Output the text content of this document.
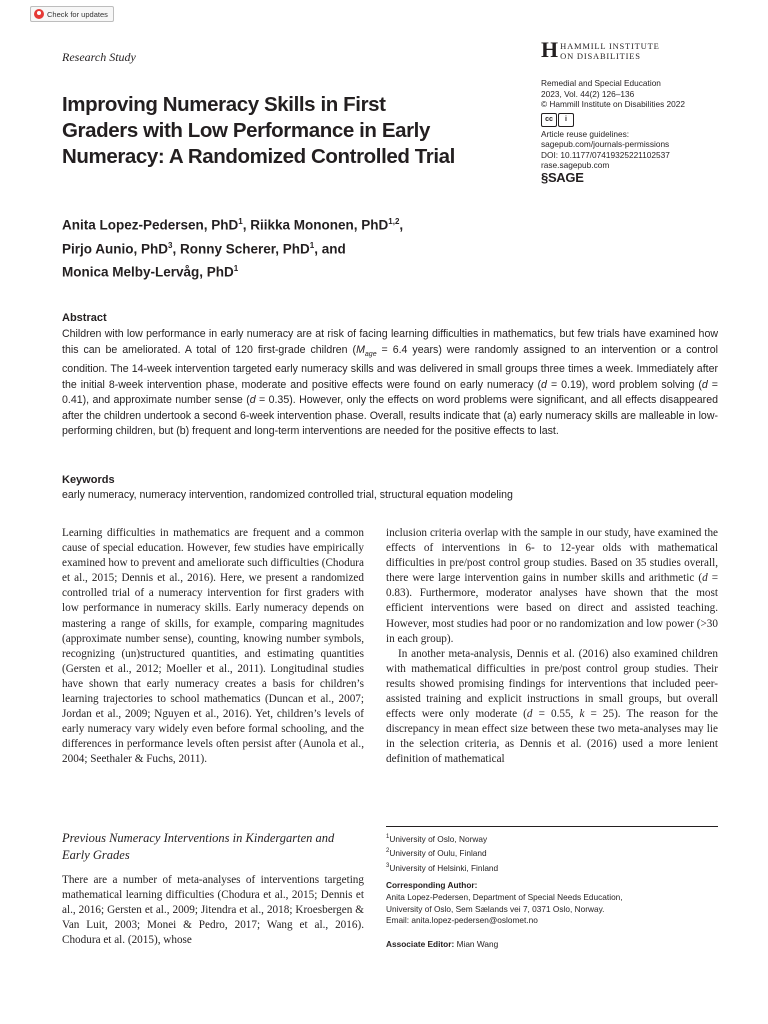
Check for updates
Research Study	H HAMMILL INSTITUTE
ON DISABILITIES
Remedial and Special Education
2023, Vol. 44(2) 126–136
© Hammill Institute on Disabilities 2022
cc	i
Article reuse guidelines:
sagepub.com/journals-permissions
DOI: 10.1177/07419325221102537
rase.sagepub.com
§SAGE
Improving Numeracy Skills in First
Graders with Low Performance in Early
Numeracy: A Randomized Controlled Trial
Anita Lopez-Pedersen, PhD$^1$, Riikka Mononen, PhD$^{1,2}$,
Pirjo Aunio, PhD$^3$, Ronny Scherer, PhD$^1$, and
Monica Melby-Lervåg, PhD$^1$
Abstract
Children with low performance in early numeracy are at risk of facing learning difficulties in mathematics, but few trials have examined how this can be ameliorated. A total of 120 first-grade children ($M_{age} = 6.4$ years) were randomly assigned to an intervention or a control condition. The 14-week intervention targeted early numeracy skills and was delivered in small groups three times a week. Immediately after the initial 8-week intervention phase, moderate and positive effects were found on early numeracy (d = 0.19), word problem solving (d = 0.41), and approximate number sense (d = 0.35). However, only the effects on word problems were significant, and all effects disappeared after the children undertook a second 6-week intervention phase. Overall, results indicate that (a) early numeracy skills are malleable in low-performing children, but (b) frequent and long-term interventions are needed for the positive effects to last.
Keywords
early numeracy, numeracy intervention, randomized controlled trial, structural equation modeling

Learning difficulties in mathematics are frequent and a common cause of special education. However, few studies have empirically examined how to prevent and ameliorate such difficulties (Chodura et al., 2015; Dennis et al., 2016). Here, we present a randomized controlled trial of a numeracy intervention for first graders with low performance in numeracy skills. Early numeracy depends on mastering a range of skills, for example, comparing magnitudes (approximate number sense), counting, knowing number symbols, recognizing (un)structured quantities, and estimating quantities (Gersten et al., 2012; Moeller et al., 2011). Longitudinal studies have shown that early numeracy creates a basis for children’s learning trajectories to school mathematics (Duncan et al., 2007; Jordan et al., 2009; Nguyen et al., 2016). Yet, children’s levels of early numeracy vary widely even before formal schooling, and the differences in performance levels often persist after (Aunola et al., 2004; Seethaler & Fuchs, 2011).

Previous Numeracy Interventions in Kindergarten and Early Grades

There are a number of meta-analyses of interventions targeting mathematical learning difficulties (Chodura et al., 2015; Dennis et al., 2016; Gersten et al., 2009; Jitendra et al., 2018; Kroesbergen & Van Luit, 2003; Monei & Pedro, 2017; Wang et al., 2016). Chodura et al. (2015), whose

inclusion criteria overlap with the sample in our study, have examined the effects of interventions in 6- to 12-year olds with mathematical difficulties in pre/post control group studies. Based on 35 studies overall, there were large intervention gains in number skills and arithmetic (d = 0.83). Furthermore, moderator analyses have shown that the most efficient interventions were based on direct and assisted teaching. However, most studies had poor or no randomization and low power (>30 in each group).

In another meta-analysis, Dennis et al. (2016) also examined children with mathematical difficulties in pre/post control group studies. Their results showed promising findings for interventions that included peer-assisted training and explicit instructions in small groups, but overall effects were only moderate (d = 0.55, k = 25). The reason for the discrepancy in mean effect size between these two meta-analyses may lie in the selection criteria, as Dennis et al. (2016) used a more lenient definition of mathematical

$^1$University of Oslo, Norway
$^2$University of Oulu, Finland
$^3$University of Helsinki, Finland
Corresponding Author:
Anita Lopez-Pedersen, Department of Special Needs Education,
University of Oslo, Sem Sælands vei 7, 0371 Oslo, Norway.
Email: anita.lopez-pedersen@oslomet.no
Associate Editor: Mian Wang
